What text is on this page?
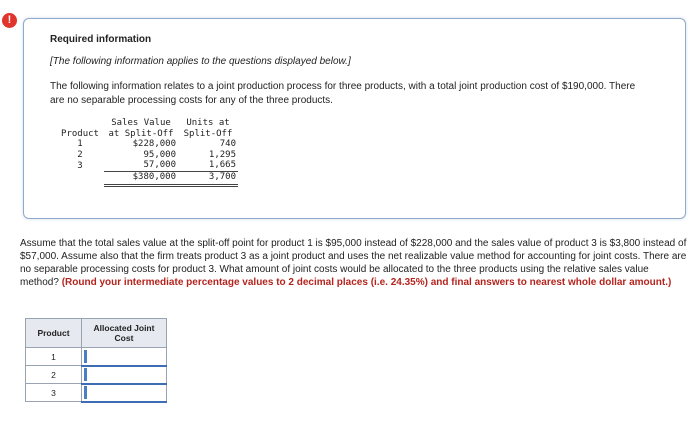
!
Required information
[The following information applies to the questions displayed below.]
The following information relates to a joint production process for three products, with a total joint production cost of $190,000. There are no separable processing costs for any of the three products.
	Sales Value	Units at
Product	at Split-Off	Split-Off
1	$228,000	740
2	95,000	1,295
3	57,000	1,665
	$380,000	3,700

Assume that the total sales value at the split-off point for product 1 is $95,000 instead of $228,000 and the sales value of product 3 is $3,800 instead of $57,000. Assume also that the firm treats product 3 as a joint product and uses the net realizable value method for accounting for joint costs. There are no separable processing costs for product 3. What amount of joint costs would be allocated to the three products using the relative sales value method? (Round your intermediate percentage values to 2 decimal places (i.e. 24.35%) and final answers to nearest whole dollar amount.)
Product	Allocated Joint Cost
1	

2	

3	
